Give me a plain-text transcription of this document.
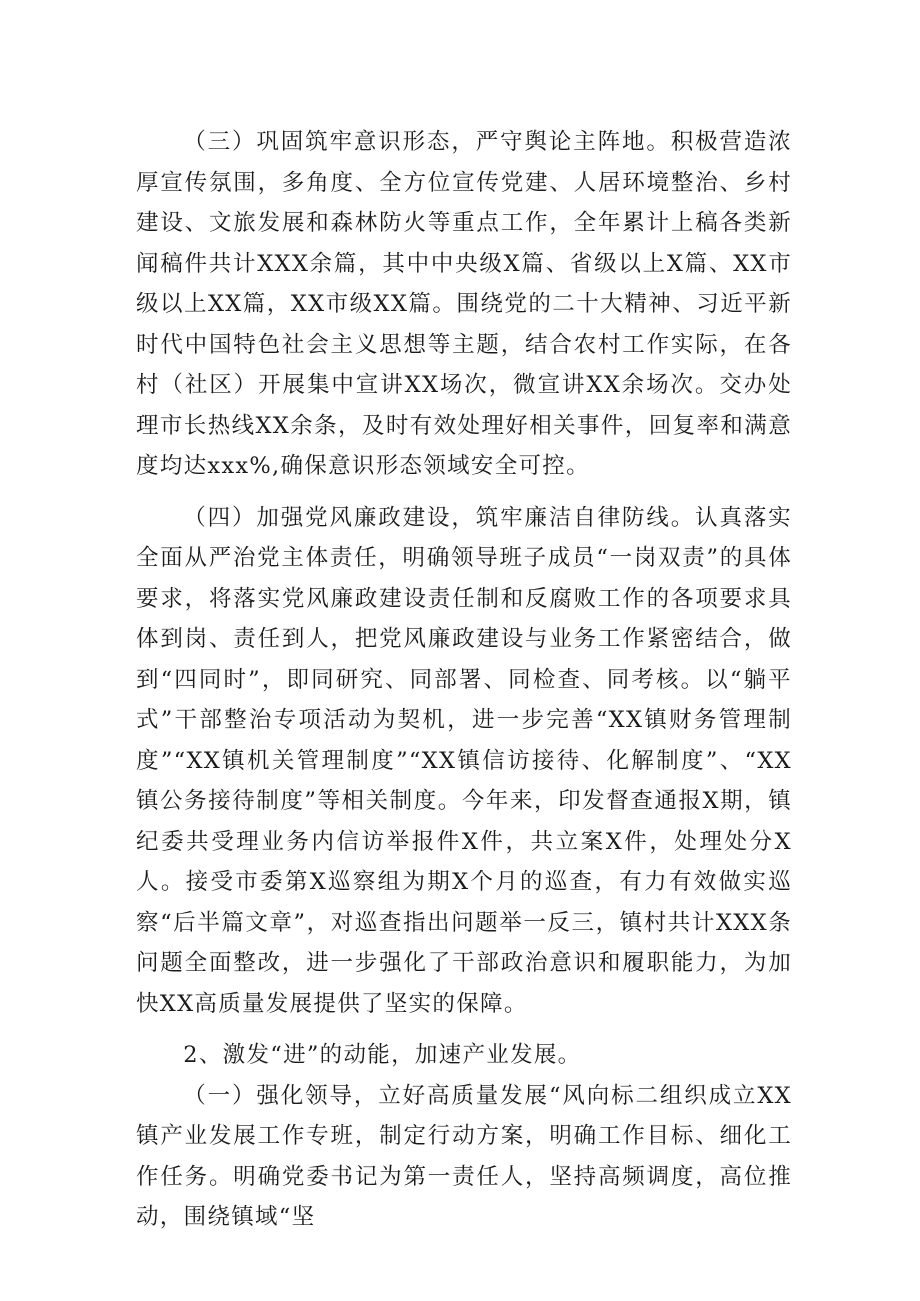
（三）巩固筑牢意识形态，严守舆论主阵地。积极营造浓厚宣传氛围，多角度、全方位宣传党建、人居环境整治、乡村建设、文旅发展和森林防火等重点工作，全年累计上稿各类新闻稿件共计XXX余篇，其中中央级X篇、省级以上X篇、XX市级以上XX篇，XX市级XX篇。围绕党的二十大精神、习近平新时代中国特色社会主义思想等主题，结合农村工作实际，在各村（社区）开展集中宣讲XX场次，微宣讲XX余场次。交办处理市长热线XX余条，及时有效处理好相关事件，回复率和满意度均达xxx%,确保意识形态领域安全可控。

（四）加强党风廉政建设，筑牢廉洁自律防线。认真落实全面从严治党主体责任，明确领导班子成员“一岗双责”的具体要求，将落实党风廉政建设责任制和反腐败工作的各项要求具体到岗、责任到人，把党风廉政建设与业务工作紧密结合，做到“四同时”，即同研究、同部署、同检查、同考核。以“躺平式”干部整治专项活动为契机，进一步完善“XX镇财务管理制度”“XX镇机关管理制度”“XX镇信访接待、化解制度”、“XX镇公务接待制度”等相关制度。今年来，印发督查通报X期，镇纪委共受理业务内信访举报件X件，共立案X件，处理处分X人。接受市委第X巡察组为期X个月的巡查，有力有效做实巡察“后半篇文章”，对巡查指出问题举一反三，镇村共计XXX条问题全面整改，进一步强化了干部政治意识和履职能力，为加快XX高质量发展提供了坚实的保障。

2、激发“进”的动能，加速产业发展。

（一）强化领导，立好高质量发展“风向标二组织成立XX镇产业发展工作专班，制定行动方案，明确工作目标、细化工作任务。明确党委书记为第一责任人，坚持高频调度，高位推动，围绕镇域“坚
